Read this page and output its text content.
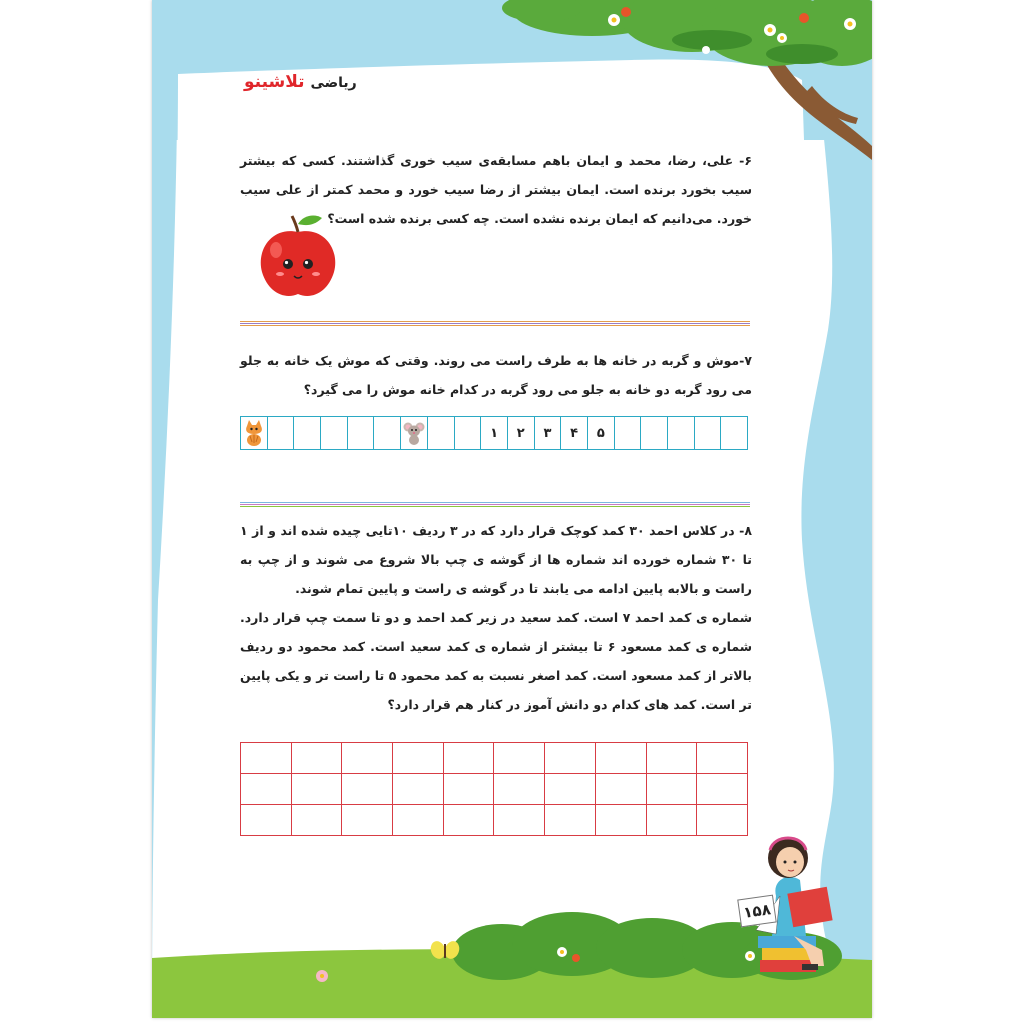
ریاضی تلاشینو

۶- علی، رضا، محمد و ایمان باهم مسابقه‌ی سیب خوری گذاشتند. کسی که بیشتر سیب بخورد برنده است. ایمان بیشتر از رضا سیب خورد و محمد کمتر از علی سیب خورد. می‌دانیم که ایمان برنده نشده است. چه کسی برنده شده است؟

۷-موش و گربه در خانه ها به طرف راست می روند. وقتی که موش یک خانه به جلو می رود گربه دو خانه به جلو می رود گربه در کدام خانه موش را می گیرد؟

۱	۲	۳	۴	۵

۸- در کلاس احمد ۳۰ کمد کوچک قرار دارد که در ۳ ردیف ۱۰تایی چیده شده اند و از ۱ تا ۳۰ شماره خورده اند شماره ها از گوشه ی چپ بالا شروع می شوند و از چپ به راست و بالابه پایین ادامه می یابند تا در گوشه ی راست و پایین تمام شوند.

شماره ی کمد احمد ۷ است. کمد سعید در زیر کمد احمد و دو تا سمت چپ قرار دارد. شماره ی کمد مسعود ۶ تا بیشتر از شماره ی کمد سعید است. کمد محمود دو ردیف بالاتر از کمد مسعود است. کمد اصغر نسبت به کمد محمود ۵ تا راست تر و یکی پایین تر است. کمد های کدام دو دانش آموز در کنار هم قرار دارد؟

۱۵۸
